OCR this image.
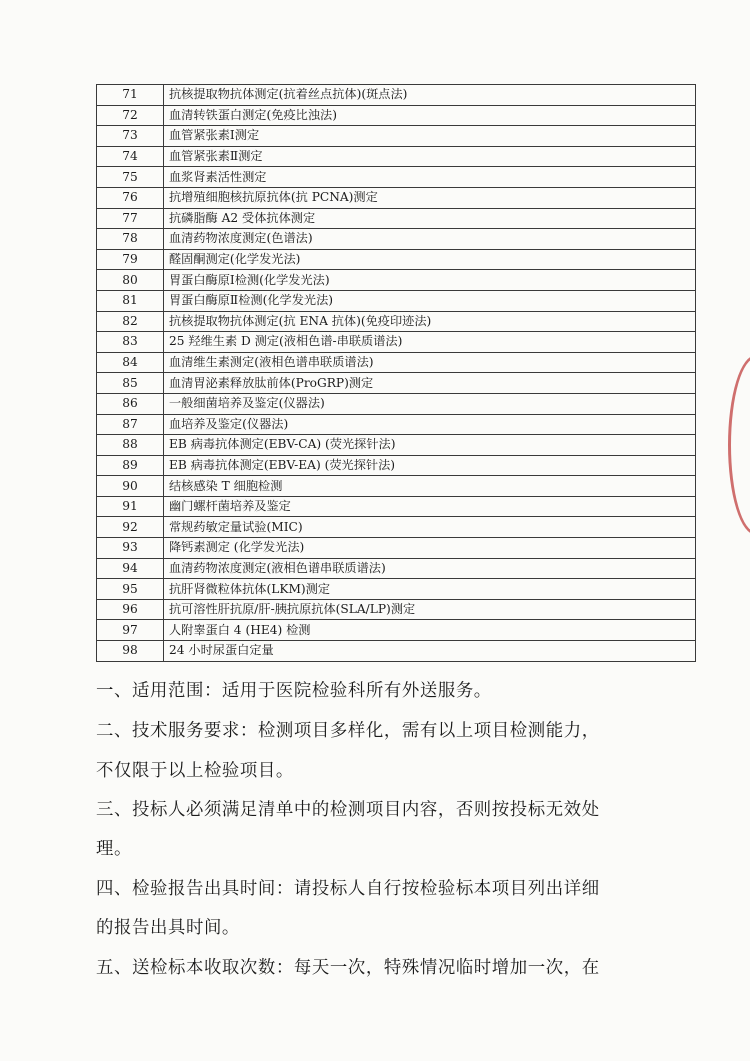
71	抗核提取物抗体测定(抗着丝点抗体)(斑点法)
72	血清转铁蛋白测定(免疫比浊法)
73	血管紧张素Ⅰ测定
74	血管紧张素Ⅱ测定
75	血浆肾素活性测定
76	抗增殖细胞核抗原抗体(抗 PCNA)测定
77	抗磷脂酶 A2 受体抗体测定
78	血清药物浓度测定(色谱法)
79	醛固酮测定(化学发光法)
80	胃蛋白酶原Ⅰ检测(化学发光法)
81	胃蛋白酶原Ⅱ检测(化学发光法)
82	抗核提取物抗体测定(抗 ENA 抗体)(免疫印迹法)
83	25 羟维生素 D 测定(液相色谱-串联质谱法)
84	血清维生素测定(液相色谱串联质谱法)
85	血清胃泌素释放肽前体(ProGRP)测定
86	一般细菌培养及鉴定(仪器法)
87	血培养及鉴定(仪器法)
88	EB 病毒抗体测定(EBV-CA) (荧光探针法)
89	EB 病毒抗体测定(EBV-EA) (荧光探针法)
90	结核感染 T 细胞检测
91	幽门螺杆菌培养及鉴定
92	常规药敏定量试验(MIC)
93	降钙素测定 (化学发光法)
94	血清药物浓度测定(液相色谱串联质谱法)
95	抗肝肾微粒体抗体(LKM)测定
96	抗可溶性肝抗原/肝-胰抗原抗体(SLA/LP)测定
97	人附睾蛋白 4 (HE4) 检测
98	24 小时尿蛋白定量

一、适用范围：适用于医院检验科所有外送服务。

二、技术服务要求：检测项目多样化，需有以上项目检测能力，

不仅限于以上检验项目。

三、投标人必须满足清单中的检测项目内容，否则按投标无效处

理。

四、检验报告出具时间：请投标人自行按检验标本项目列出详细

的报告出具时间。

五、送检标本收取次数：每天一次，特殊情况临时增加一次，在
